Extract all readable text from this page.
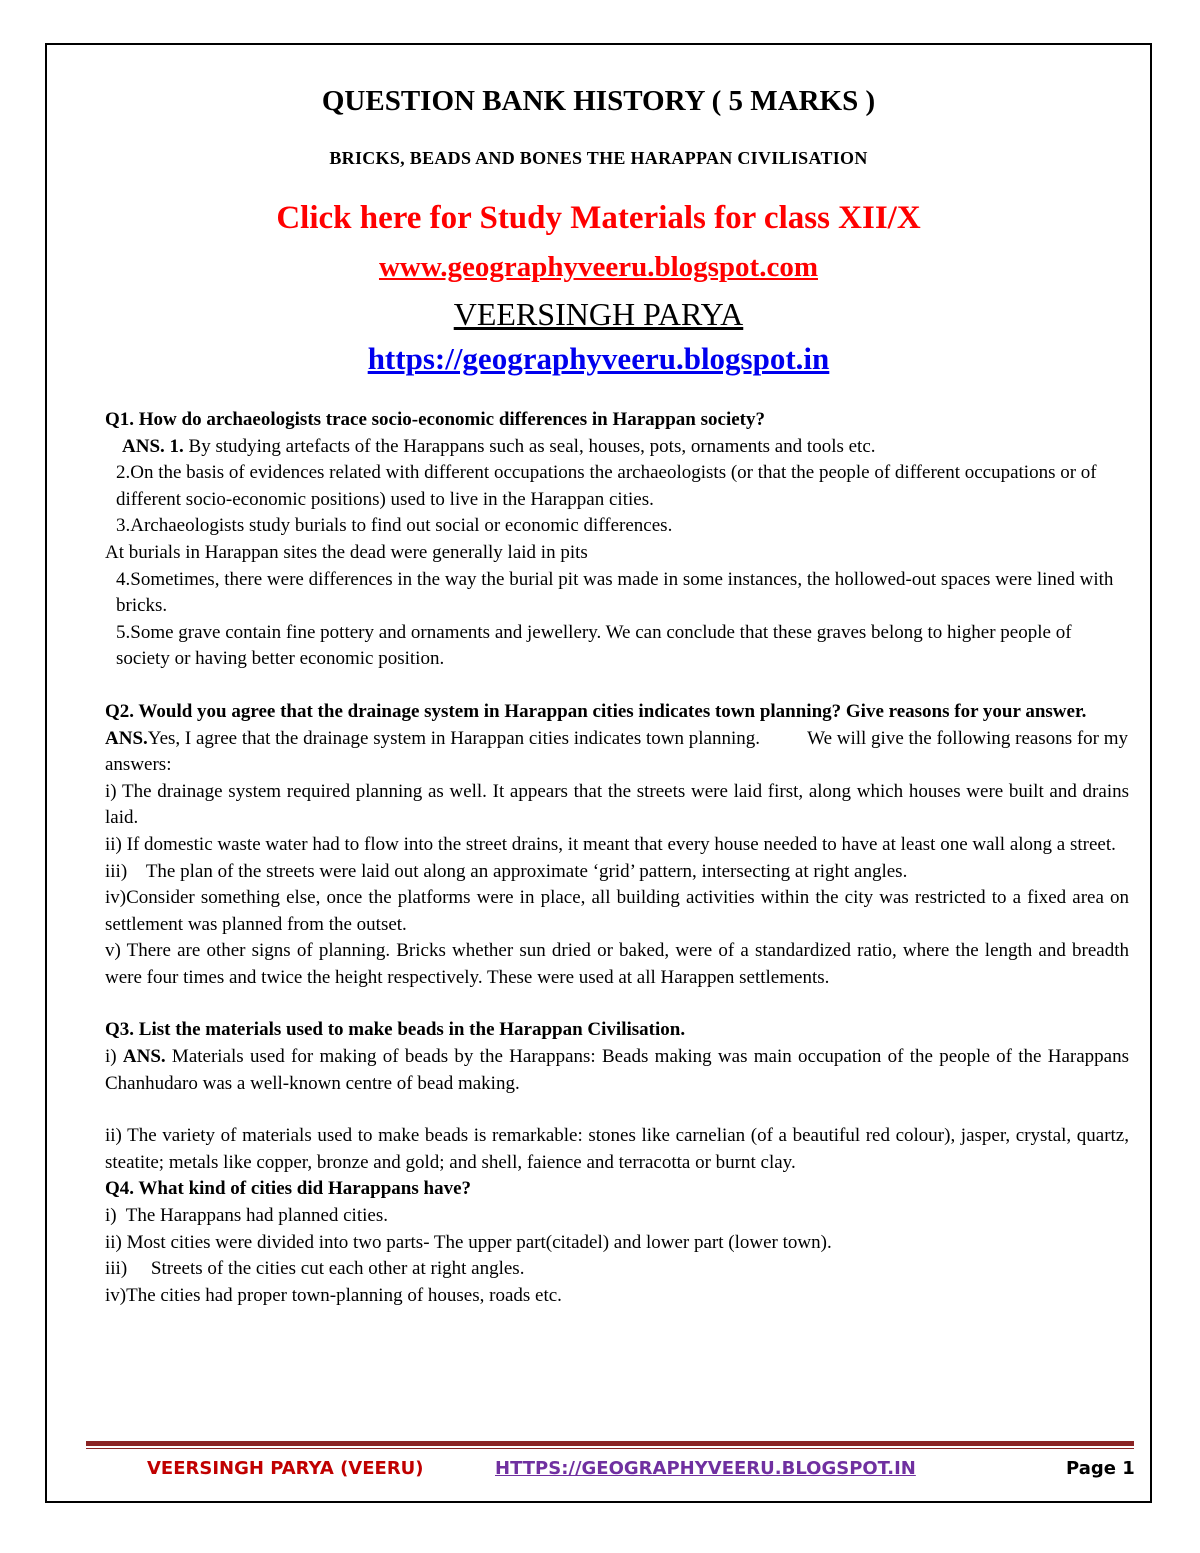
QUESTION BANK HISTORY ( 5 MARKS )
BRICKS, BEADS AND BONES THE HARAPPAN CIVILISATION
Click here for Study Materials for class XII/X
www.geographyveeru.blogspot.com
VEERSINGH PARYA
https://geographyveeru.blogspot.in

Q1. How do archaeologists trace socio-economic differences in Harappan society?

ANS. 1. By studying artefacts of the Harappans such as seal, houses, pots, ornaments and tools etc.

2.On the basis of evidences related with different occupations the archaeologists (or that the people of different occupations or of different socio-economic positions) used to live in the Harappan cities.

3.Archaeologists study burials to find out social or economic differences.

At burials in Harappan sites the dead were generally laid in pits

4.Sometimes, there were differences in the way the burial pit was made in some instances, the hollowed-out spaces were lined with bricks.

5.Some grave contain fine pottery and ornaments and jewellery. We can conclude that these graves belong to higher people of society or having better economic position.

Q2. Would you agree that the drainage system in Harappan cities indicates town planning? Give reasons for your answer.

ANS.Yes, I agree that the drainage system in Harappan cities indicates town planning.          We will give the following reasons for my answers:

i) The drainage system required planning as well. It appears that the streets were laid first, along which houses were built and drains laid.

ii) If domestic waste water had to flow into the street drains, it meant that every house needed to have at least one wall along a street.

iii)    The plan of the streets were laid out along an approximate ‘grid’ pattern, intersecting at right angles.

iv)Consider something else, once the platforms were in place, all building activities within the city was restricted to a fixed area on settlement was planned from the outset.

v) There are other signs of planning. Bricks whether sun dried or baked, were of a standardized ratio, where the length and breadth were four times and twice the height respectively. These were used at all Harappen settlements.

Q3. List the materials used to make beads in the Harappan Civilisation.

i) ANS. Materials used for making of beads by the Harappans: Beads making was main occupation of the people of the Harappans Chanhudaro was a well-known centre of bead making.

ii) The variety of materials used to make beads is remarkable: stones like carnelian (of a beautiful red colour), jasper, crystal, quartz, steatite; metals like copper, bronze and gold; and shell, faience and terracotta or burnt clay.

Q4. What kind of cities did Harappans have?

i)  The Harappans had planned cities.

ii) Most cities were divided into two parts- The upper part(citadel) and lower part (lower town).

iii)     Streets of the cities cut each other at right angles.

iv)The cities had proper town-planning of houses, roads etc.

VEERSINGH PARYA (VEERU)	HTTPS://GEOGRAPHYVEERU.BLOGSPOT.IN	Page 1
